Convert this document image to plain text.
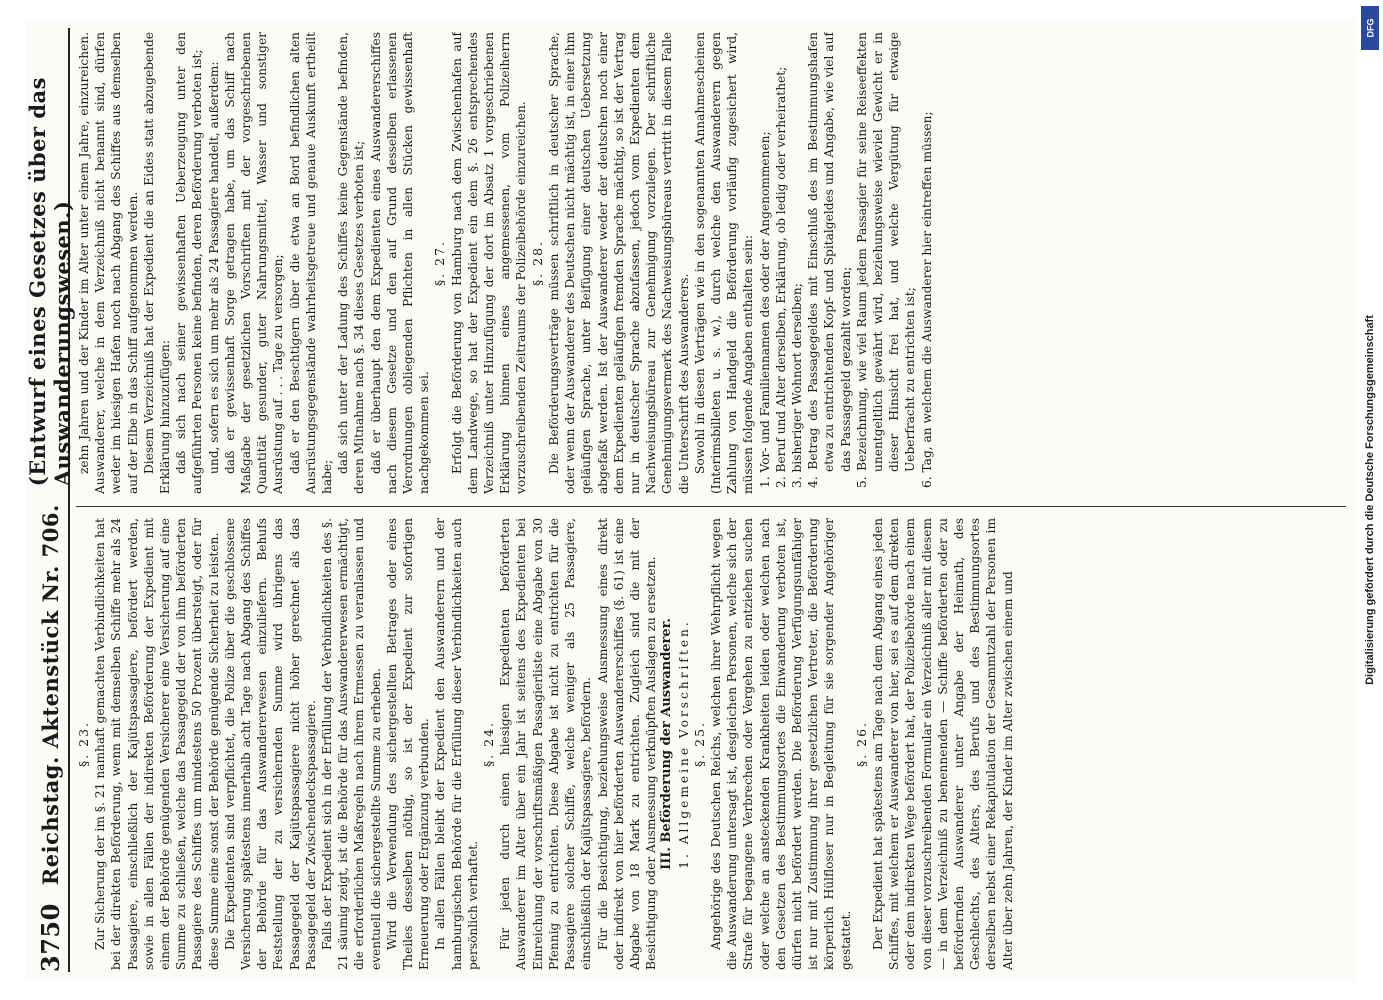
3750
Reichstag. Aktenstück Nr. 706.
(Entwurf eines Gesetzes über das Auswanderungswesen.)

§. 23. Zur Sicherung der im §. 21 namhaft gemachten Verbindlichkeiten hat bei der direkten Beförderung, wenn mit demselben Schiffe mehr als 24 Passagiere, einschließlich der Kajütspassagiere, befördert werden, sowie in allen Fällen der indirekten Beförderung der Expedient mit einem der Behörde genügenden Versicherer eine Versicherung auf eine Summe zu schließen, welche das Passagegeld der von ihm beförderten Passagiere des Schiffes um mindestens 50 Prozent übersteigt, oder für diese Summe eine sonst der Behörde genügende Sicherheit zu leisten. Die Expedienten sind verpflichtet, die Polize über die geschlossene Versicherung spätestens innerhalb acht Tage nach Abgang des Schiffes der Behörde für das Auswandererwesen einzuliefern. Behufs Feststellung der zu versichernden Summe wird übrigens das Passagegeld der Kajütspassagiere nicht höher gerechnet als das Passagegeld der Zwischendeckspassagiere. Falls der Expedient sich in der Erfüllung der Verbindlichkeiten des §. 21 säumig zeigt, ist die Behörde für das Auswandererwesen ermächtigt, die erforderlichen Maßregeln nach ihrem Ermessen zu veranlassen und eventuell die sichergestellte Summe zu erheben. Wird die Verwendung des sichergestellten Betrages oder eines Theiles desselben nöthig, so ist der Expedient zur sofortigen Erneuerung oder Ergänzung verbunden. In allen Fällen bleibt der Expedient den Auswanderern und der hamburgischen Behörde für die Erfüllung dieser Verbindlichkeiten auch persönlich verhaftet.

§. 24. Für jeden durch einen hiesigen Expedienten beförderten Auswanderer im Alter über ein Jahr ist seitens des Expedienten bei Einreichung der vorschriftsmäßigen Passagierliste eine Abgabe von 30 Pfennig zu entrichten. Diese Abgabe ist nicht zu entrichten für die Passagiere solcher Schiffe, welche weniger als 25 Passagiere, einschließlich der Kajütspassagiere, befördern. Für die Besichtigung, beziehungsweise Ausmessung eines direkt oder indirekt von hier beförderten Auswandererschiffes (§. 61) ist eine Abgabe von 18 Mark zu entrichten. Zugleich sind die mit der Besichtigung oder Ausmessung verknüpften Auslagen zu ersetzen. III. Beförderung der Auswanderer. 1. Allgemeine Vorschriften. §. 25. Angehörige des Deutschen Reichs, welchen ihrer Wehrpflicht wegen die Auswanderung untersagt ist, desgleichen Personen, welche sich der Strafe für begangene Verbrechen oder Vergehen zu entziehen suchen oder welche an ansteckenden Krankheiten leiden oder welchen nach den Gesetzen des Bestimmungsortes die Einwanderung verboten ist, dürfen nicht befördert werden. Die Beförderung Verfügungsunfähiger ist nur mit Zustimmung ihrer gesetzlichen Vertreter, die Beförderung körperlich Hülfloser nur in Begleitung für sie sorgender Angehöriger gestattet.

§. 26. Der Expedient hat spätestens am Tage nach dem Abgang eines jeden Schiffes, mit welchem er Auswanderer von hier, sei es auf dem direkten oder dem indirekten Wege befördert hat, der Polizeibehörde nach einem von dieser vorzuschreibenden Formular ein Verzeichniß aller mit diesem — in dem Verzeichniß zu benennenden — Schiffe beförderten oder zu befördernden Auswanderer unter Angabe der Heimath, des Geschlechts, des Alters, des Berufs und des Bestimmungsortes derselben nebst einer Rekapitulation der Gesammtzahl der Personen im Alter über zehn Jahren, der Kinder im Alter zwischen einem und

zehn Jahren und der Kinder im Alter unter einem Jahre, einzureichen. Auswanderer, welche in dem Verzeichniß nicht benannt sind, dürfen weder im hiesigen Hafen noch nach Abgang des Schiffes aus demselben auf der Elbe in das Schiff aufgenommen werden. Diesem Verzeichniß hat der Expedient die an Eides statt abzugebende Erklärung hinzuzufügen: daß sich nach seiner gewissenhaften Ueberzeugung unter den aufgeführten Personen keine befinden, deren Beförderung verboten ist; und, sofern es sich um mehr als 24 Passagiere handelt, außerdem: daß er gewissenhaft Sorge getragen habe, um das Schiff nach Maßgabe der gesetzlichen Vorschriften mit der vorgeschriebenen Quantität gesunder, guter Nahrungsmittel, Wasser und sonstiger Ausrüstung auf . . . Tage zu versorgen; daß er den Beschtigern über die etwa an Bord befindlichen alten Ausrüstungsgegenstände wahrheitsgetreue und genaue Auskunft ertheilt habe;

daß sich unter der Ladung des Schiffes keine Gegenstände befinden, deren Mitnahme nach §. 34 dieses Gesetzes verboten ist; daß er überhaupt den dem Expedienten eines Auswandererschiffes nach diesem Gesetze und den auf Grund desselben erlassenen Verordnungen obliegenden Pflichten in allen Stücken gewissenhaft nachgekommen sei.

§. 27. Erfolgt die Beförderung von Hamburg nach dem Zwischenhafen auf dem Landwege, so hat der Expedient ein dem §. 26 entsprechendes Verzeichniß unter Hinzufügung der dort im Absatz 1 vorgeschriebenen Erklärung binnen eines angemessenen, vom Polizeiherrn vorzuschreibenden Zeitraums der Polizeibehörde einzureichen. §. 28. Die Beförderungsverträge müssen schriftlich in deutscher Sprache, oder wenn der Auswanderer des Deutschen nicht mächtig ist, in einer ihm geläufigen Sprache, unter Beifügung einer deutschen Uebersetzung abgefaßt werden. Ist der Auswanderer weder der deutschen noch einer dem Expedienten geläufigen fremden Sprache mächtig, so ist der Vertrag nur in deutscher Sprache abzufassen, jedoch vom Expedienten dem Nachweisungsbüreau zur Genehmigung vorzulegen. Der schriftliche Genehmigungsvermerk des Nachweisungsbüreaus vertritt in diesem Falle die Unterschrift des Auswanderers. Sowohl in diesen Verträgen wie in den sogenannten Annahmescheinen (Interimsbilleten u. s. w.), durch welche den Auswanderern gegen Zahlung von Handgeld die Beförderung vorläufig zugesichert wird, müssen folgende Angaben enthalten sein: 1. Vor- und Familiennamen des oder der Angenommenen; 2. Beruf und Alter derselben, Erklärung, ob ledig oder verheirathet; 3. bisheriger Wohnort derselben; 4. Betrag des Passagegeldes mit Einschluß des im Bestimmungshafen etwa zu entrichtenden Kopf- und Spitalgeldes und Angabe, wie viel auf das Passagegeld gezahlt worden; 5. Bezeichnung, wie viel Raum jedem Passagier für seine Reiseeffekten unentgeltlich gewährt wird, beziehungsweise wieviel Gewicht er in dieser Hinsicht frei hat, und welche Vergütung für etwaige Ueberfracht zu entrichten ist; 6. Tag, an welchem die Auswanderer hier eintreffen müssen;

Digitalisierung gefördert durch die Deutsche Forschungsgemeinschaft
DFG
